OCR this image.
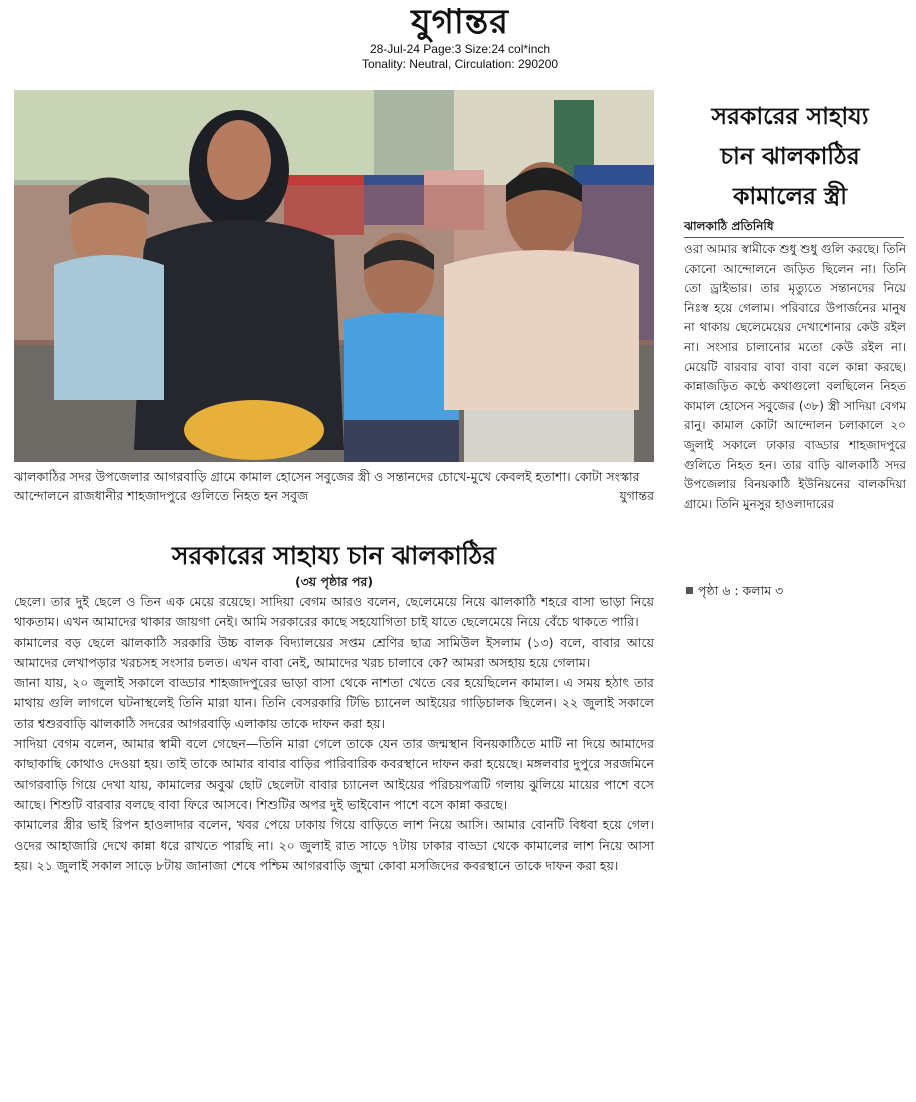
যুগান্তর
28-Jul-24 Page:3 Size:24 col*inch
Tonality: Neutral, Circulation: 290200
ঝালকাঠির সদর উপজেলার আগরবাড়ি গ্রামে কামাল হোসেন সবুজের স্ত্রী ও সন্তানদের চোখে-মুখে কেবলই হতাশা। কোটা সংস্কার আন্দোলনে রাজধানীর শাহজাদপুরে গুলিতে নিহত হন সবুজ	যুগান্তর
সরকারের সাহায্য
চান ঝালকাঠির
কামালের স্ত্রী
ঝালকাঠি প্রতিনিধি
ওরা আমার স্বামীকে শুধু শুধু গুলি করছে। তিনি কোনো আন্দোলনে জড়িত ছিলেন না। তিনি তো ড্রাইভার। তার মৃত্যুতে সন্তানদের নিয়ে নিঃস্ব হয়ে গেলাম। পরিবারে উপার্জনের মানুষ না থাকায় ছেলেমেয়ের দেখাশোনার কেউ রইল না। সংসার চালানোর মতো কেউ রইল না। মেয়েটি বারবার বাবা বাবা বলে কান্না করছে। কান্নাজড়িত কণ্ঠে কথাগুলো বলছিলেন নিহত কামাল হোসেন সবুজের (৩৮) স্ত্রী সাদিয়া বেগম রানু। কামাল কোটা আন্দোলন চলাকালে ২০ জুলাই সকালে ঢাকার বাড্ডার শাহজাদপুরে গুলিতে নিহত হন। তার বাড়ি ঝালকাঠি সদর উপজেলার বিনয়কাঠি ইউনিয়নের বালকদিয়া গ্রামে। তিনি মুনসুর হাওলাদারের
পৃষ্ঠা ৬ : কলাম ৩
সরকারের সাহায্য চান ঝালকাঠির
(৩য় পৃষ্ঠার পর)

ছেলে। তার দুই ছেলে ও তিন এক মেয়ে রয়েছে। সাদিয়া বেগম আরও বলেন, ছেলেমেয়ে নিয়ে ঝালকাঠি শহরে বাসা ভাড়া নিয়ে থাকতাম। এখন আমাদের থাকার জায়গা নেই। আমি সরকারের কাছে সহযোগিতা চাই যাতে ছেলেমেয়ে নিয়ে বেঁচে থাকতে পারি।

কামালের বড় ছেলে ঝালকাঠি সরকারি উচ্চ বালক বিদ্যালয়ের সপ্তম শ্রেণির ছাত্র সামিউল ইসলাম (১৩) বলে, বাবার আয়ে আমাদের লেখাপড়ার খরচসহ সংসার চলত। এখন বাবা নেই, আমাদের খরচ চালাবে কে? আমরা অসহায় হয়ে গেলাম।

জানা যায়, ২০ জুলাই সকালে বাড্ডার শাহজাদপুরের ভাড়া বাসা থেকে নাশতা খেতে বের হয়েছিলেন কামাল। এ সময় হঠাৎ তার মাথায় গুলি লাগলে ঘটনাস্থলেই তিনি মারা যান। তিনি বেসরকারি টিভি চ্যানেল আইয়ের গাড়িচালক ছিলেন। ২২ জুলাই সকালে তার শ্বশুরবাড়ি ঝালকাঠি সদরের আগরবাড়ি এলাকায় তাকে দাফন করা হয়।

সাদিয়া বেগম বলেন, আমার স্বামী বলে গেছেন—তিনি মারা গেলে তাকে যেন তার জন্মস্থান বিনয়কাঠিতে মাটি না দিয়ে আমাদের কাছাকাছি কোথাও দেওয়া হয়। তাই তাকে আমার বাবার বাড়ির পারিবারিক কবরস্থানে দাফন করা হয়েছে। মঙ্গলবার দুপুরে সরজমিনে আগরবাড়ি গিয়ে দেখা যায়, কামালের অবুঝ ছোট ছেলেটা বাবার চ্যানেল আইয়ের পরিচয়পত্রটি গলায় ঝুলিয়ে মায়ের পাশে বসে আছে। শিশুটি বারবার বলছে বাবা ফিরে আসবে। শিশুটির অপর দুই ভাইবোন পাশে বসে কান্না করছে।

কামালের স্ত্রীর ভাই রিপন হাওলাদার বলেন, খবর পেয়ে ঢাকায় গিয়ে বাড়িতে লাশ নিয়ে আসি। আমার বোনটি বিধবা হয়ে গেল। ওদের আহাজারি দেখে কান্না ধরে রাখতে পারছি না। ২০ জুলাই রাত সাড়ে ৭টায় ঢাকার বাড্ডা থেকে কামালের লাশ নিয়ে আসা হয়। ২১ জুলাই সকাল সাড়ে ৮টায় জানাজা শেষে পশ্চিম আগরবাড়ি জুম্মা কোবা মসজিদের কবরস্থানে তাকে দাফন করা হয়।
